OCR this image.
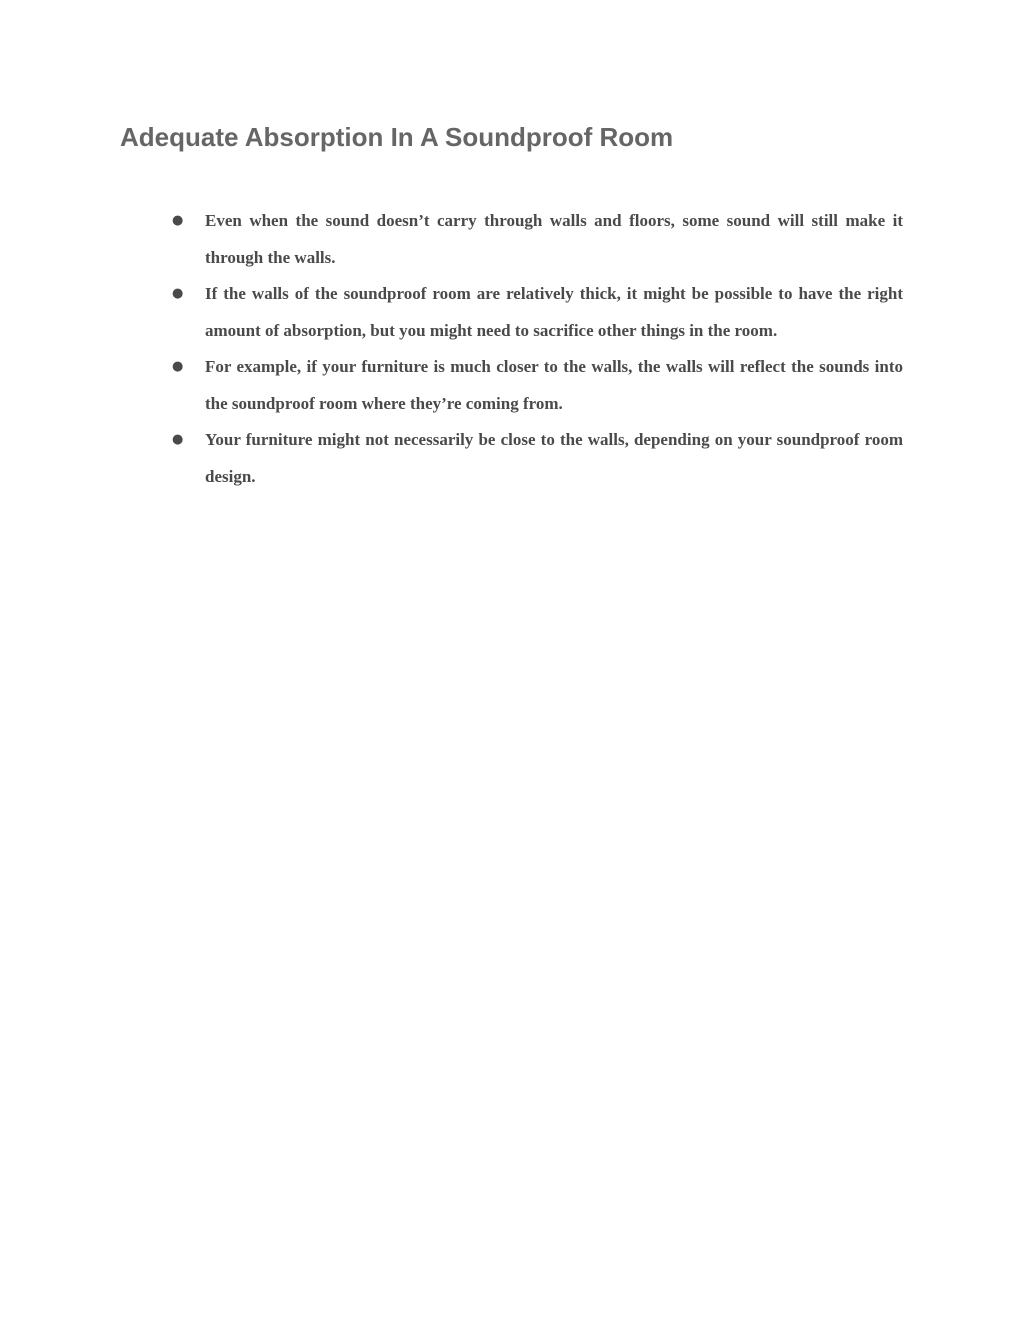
Adequate Absorption In A Soundproof Room
● Even when the sound doesn’t carry through walls and floors, some sound will still make it through the walls.

● If the walls of the soundproof room are relatively thick, it might be possible to have the right amount of absorption, but you might need to sacrifice other things in the room.

● For example, if your furniture is much closer to the walls, the walls will reflect the sounds into the soundproof room where they’re coming from.

● Your furniture might not necessarily be close to the walls, depending on your soundproof room design.
